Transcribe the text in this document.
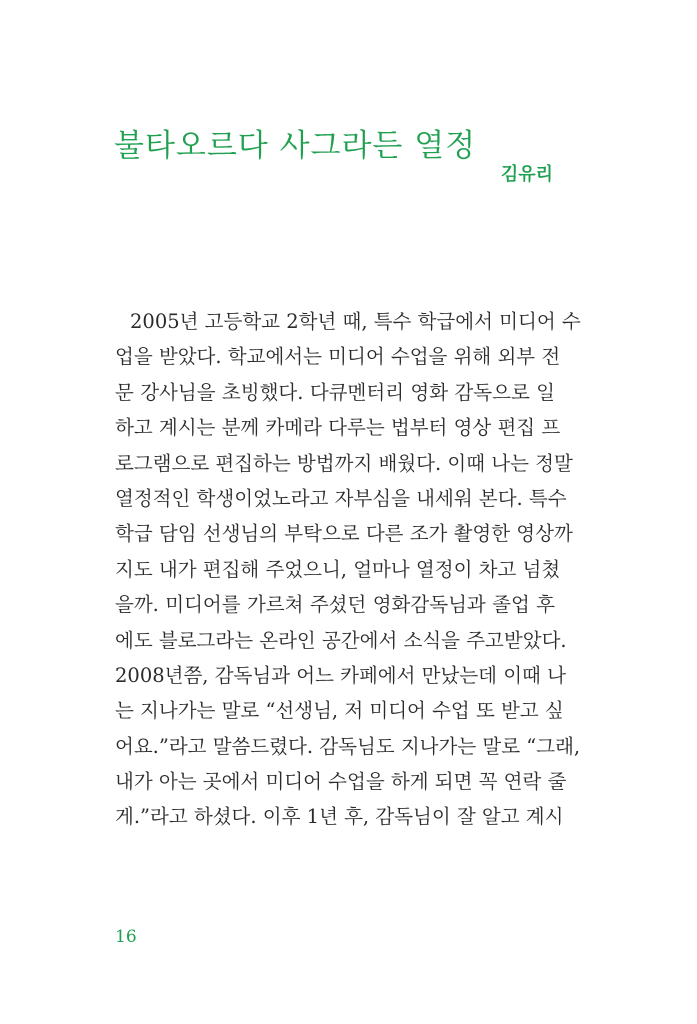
불타오르다 사그라든 열정
김유리
2005년 고등학교 2학년 때, 특수 학급에서 미디어 수
업을 받았다. 학교에서는 미디어 수업을 위해 외부 전
문 강사님을 초빙했다. 다큐멘터리 영화 감독으로 일
하고 계시는 분께 카메라 다루는 법부터 영상 편집 프
로그램으로 편집하는 방법까지 배웠다. 이때 나는 정말
열정적인 학생이었노라고 자부심을 내세워 본다. 특수
학급 담임 선생님의 부탁으로 다른 조가 촬영한 영상까
지도 내가 편집해 주었으니, 얼마나 열정이 차고 넘쳤
을까. 미디어를 가르쳐 주셨던 영화감독님과 졸업 후
에도 블로그라는 온라인 공간에서 소식을 주고받았다.
2008년쯤, 감독님과 어느 카페에서 만났는데 이때 나
는 지나가는 말로 “선생님, 저 미디어 수업 또 받고 싶
어요.”라고 말씀드렸다. 감독님도 지나가는 말로 “그래,
내가 아는 곳에서 미디어 수업을 하게 되면 꼭 연락 줄
게.”라고 하셨다. 이후 1년 후, 감독님이 잘 알고 계시
16
